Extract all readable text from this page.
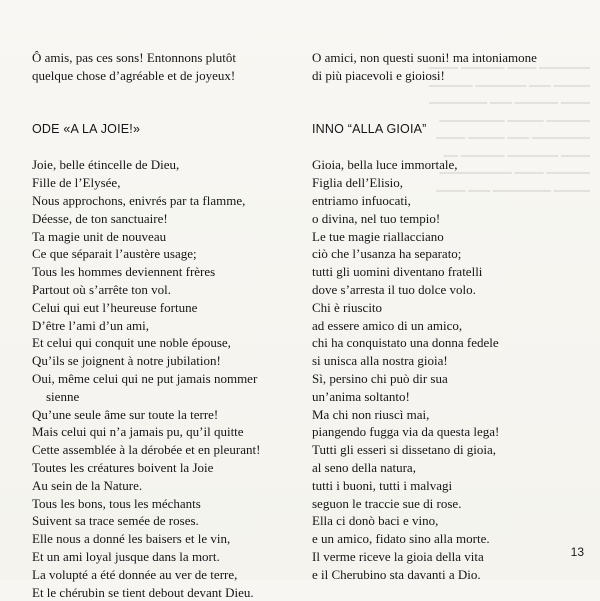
━━━━━━━ ━━━━ ━━━━━━ ━━━━
━━━━━ ━━━ ━━━━━━━ ━━━━━━
━━━━ ━━━━━━ ━━━ ━━━━━━━━
━━━━━━ ━━━━━ ━━━━━━━━━
━━━━━━━━ ━━━ ━━━━━ ━━━━
━━━━ ━━━━━━━ ━━━━━━ ━━
━━━━━━ ━━━━ ━━━━━━━━━━
━━━━━ ━━━━━━━━ ━━━ ━━━━

Ô amis, pas ces sons! Entonnons plutôt
quelque chose d’agréable et de joyeux!

ODE «A LA JOIE!»

Joie, belle étincelle de Dieu,
Fille de l’Elysée,
Nous approchons, enivrés par ta flamme,
Déesse, de ton sanctuaire!
Ta magie unit de nouveau
Ce que séparait l’austère usage;
Tous les hommes deviennent frères
Partout où s’arrête ton vol.
Celui qui eut l’heureuse fortune
D’être l’ami d’un ami,
Et celui qui conquit une noble épouse,
Qu’ils se joignent à notre jubilation!
Oui, même celui qui ne put jamais nommer
sienne
Qu’une seule âme sur toute la terre!
Mais celui qui n’a jamais pu, qu’il quitte
Cette assemblée à la dérobée et en pleurant!
Toutes les créatures boivent la Joie
Au sein de la Nature.
Tous les bons, tous les méchants
Suivent sa trace semée de roses.
Elle nous a donné les baisers et le vin,
Et un ami loyal jusque dans la mort.
La volupté a été donnée au ver de terre,
Et le chérubin se tient debout devant Dieu.

O amici, non questi suoni! ma intoniamone
di più piacevoli e gioiosi!

INNO “ALLA GIOIA”

Gioia, bella luce immortale,
Figlia dell’Elisio,
entriamo infuocati,
o divina, nel tuo tempio!
Le tue magie riallacciano
ciò che l’usanza ha separato;
tutti gli uomini diventano fratelli
dove s’arresta il tuo dolce volo.
Chi è riuscito
ad essere amico di un amico,
chi ha conquistato una donna fedele
si unisca alla nostra gioia!
Sì, persino chi può dir sua
un’anima soltanto!
Ma chi non riuscì mai,
piangendo fugga via da questa lega!
Tutti gli esseri si dissetano di gioia,
al seno della natura,
tutti i buoni, tutti i malvagi
seguon le traccie sue di rose.
Ella ci donò baci e vino,
e un amico, fidato sino alla morte.
Il verme riceve la gioia della vita
e il Cherubino sta davanti a Dio.

13
